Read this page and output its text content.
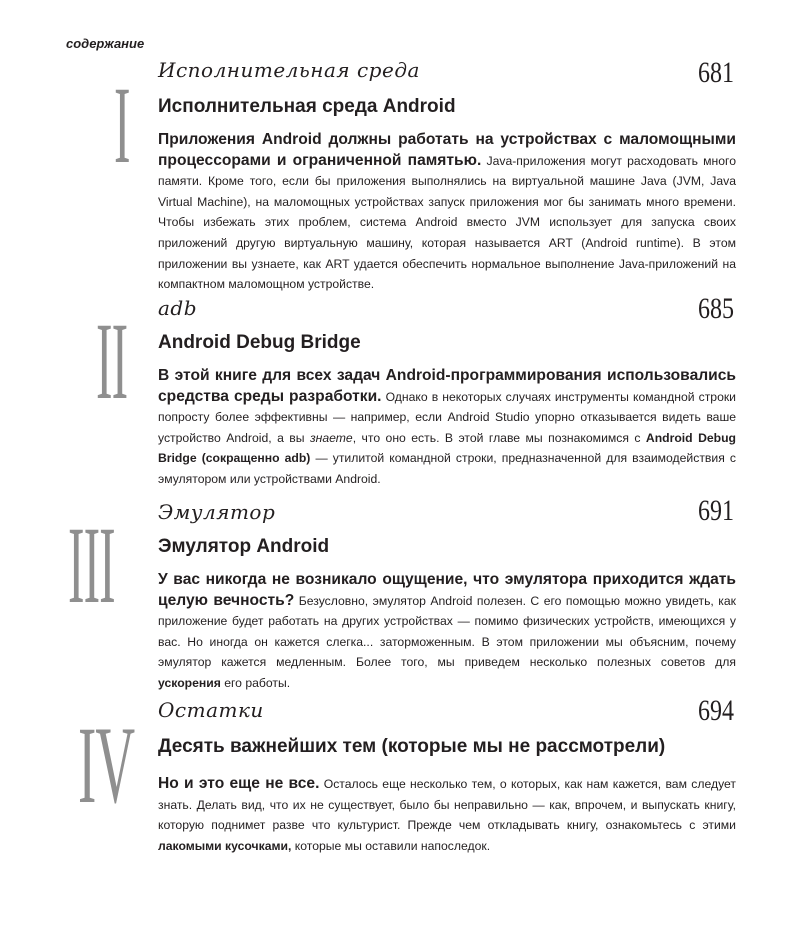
содержание
I Исполнительная среда	681
Исполнительная среда Android
Приложения Android должны работать на устройствах с маломощными процессорами и ограниченной памятью. Java-приложения могут расходовать много памяти. Кроме того, если бы приложения выполнялись на виртуальной машине Java (JVM, Java Virtual Machine), на маломощных устройствах запуск приложения мог бы занимать много времени. Чтобы избежать этих проблем, система Android вместо JVM использует для запуска своих приложений другую виртуальную машину, которая называется ART (Android runtime). В этом приложении вы узнаете, как ART удается обеспечить нормальное выполнение Java-приложений на компактном маломощном устройстве.
II adb	685
Android Debug Bridge
В этой книге для всех задач Android-программирования использовались средства среды разработки. Однако в некоторых случаях инструменты командной строки попросту более эффективны — например, если Android Studio упорно отказывается видеть ваше устройство Android, а вы знаете, что оно есть. В этой главе мы познакомимся с Android Debug Bridge (сокращенно adb) — утилитой командной строки, предназначенной для взаимодействия с эмулятором или устройствами Android.
III Эмулятор	691
Эмулятор Android
У вас никогда не возникало ощущение, что эмулятора приходится ждать целую вечность? Безусловно, эмулятор Android полезен. С его помощью можно увидеть, как приложение будет работать на других устройствах — помимо физических устройств, имеющихся у вас. Но иногда он кажется слегка... заторможенным. В этом приложении мы объясним, почему эмулятор кажется медленным. Более того, мы приведем несколько полезных советов для ускорения его работы.
IV Остатки	694
Десять важнейших тем (которые мы не рассмотрели)
Но и это еще не все. Осталось еще несколько тем, о которых, как нам кажется, вам следует знать. Делать вид, что их не существует, было бы неправильно — как, впрочем, и выпускать книгу, которую поднимет разве что культурист. Прежде чем откладывать книгу, ознакомьтесь с этими лакомыми кусочками, которые мы оставили напоследок.
